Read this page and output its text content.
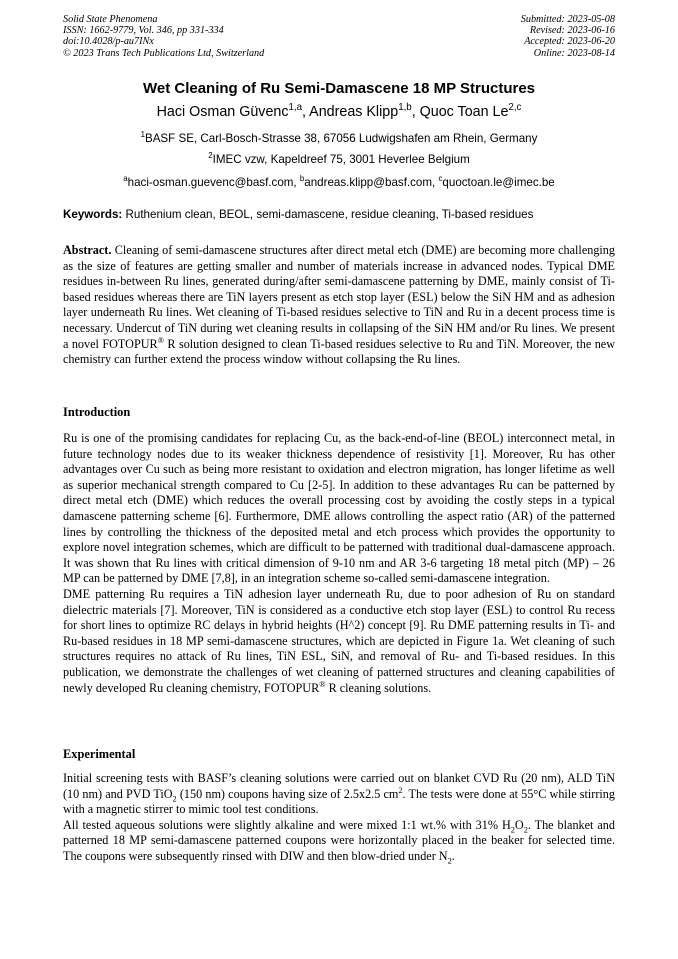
Solid State Phenomena
ISSN: 1662-9779, Vol. 346, pp 331-334
doi:10.4028/p-au7INx
© 2023 Trans Tech Publications Ltd, Switzerland
Submitted: 2023-05-08
Revised: 2023-06-16
Accepted: 2023-06-20
Online: 2023-08-14
Wet Cleaning of Ru Semi-Damascene 18 MP Structures
Haci Osman Güvenc$^{1,a}$, Andreas Klipp$^{1,b}$, Quoc Toan Le$^{2,c}$
$^1$BASF SE, Carl-Bosch-Strasse 38, 67056 Ludwigshafen am Rhein, Germany
$^2$IMEC vzw, Kapeldreef 75, 3001 Heverlee Belgium
$^a$haci-osman.guevenc@basf.com, $^b$andreas.klipp@basf.com, $^c$quoctoan.le@imec.be
Keywords: Ruthenium clean, BEOL, semi-damascene, residue cleaning, Ti-based residues

Abstract. Cleaning of semi-damascene structures after direct metal etch (DME) are becoming more challenging as the size of features are getting smaller and number of materials increase in advanced nodes. Typical DME residues in-between Ru lines, generated during/after semi-damascene patterning by DME, mainly consist of Ti-based residues whereas there are TiN layers present as etch stop layer (ESL) below the SiN HM and as adhesion layer underneath Ru lines. Wet cleaning of Ti-based residues selective to TiN and Ru in a decent process time is necessary. Undercut of TiN during wet cleaning results in collapsing of the SiN HM and/or Ru lines. We present a novel FOTOPUR® R solution designed to clean Ti-based residues selective to Ru and TiN. Moreover, the new chemistry can further extend the process window without collapsing the Ru lines.

Introduction

Ru is one of the promising candidates for replacing Cu, as the back-end-of-line (BEOL) interconnect metal, in future technology nodes due to its weaker thickness dependence of resistivity [1]. Moreover, Ru has other advantages over Cu such as being more resistant to oxidation and electron migration, has longer lifetime as well as superior mechanical strength compared to Cu [2-5]. In addition to these advantages Ru can be patterned by direct metal etch (DME) which reduces the overall processing cost by avoiding the costly steps in a typical damascene patterning scheme [6]. Furthermore, DME allows controlling the aspect ratio (AR) of the patterned lines by controlling the thickness of the deposited metal and etch process which provides the opportunity to explore novel integration schemes, which are difficult to be patterned with traditional dual-damascene approach. It was shown that Ru lines with critical dimension of 9-10 nm and AR 3-6 targeting 18 metal pitch (MP) – 26 MP can be patterned by DME [7,8], in an integration scheme so-called semi-damascene integration.

DME patterning Ru requires a TiN adhesion layer underneath Ru, due to poor adhesion of Ru on standard dielectric materials [7]. Moreover, TiN is considered as a conductive etch stop layer (ESL) to control Ru recess for short lines to optimize RC delays in hybrid heights (H^2) concept [9]. Ru DME patterning results in Ti- and Ru-based residues in 18 MP semi-damascene structures, which are depicted in Figure 1a. Wet cleaning of such structures requires no attack of Ru lines, TiN ESL, SiN, and removal of Ru- and Ti-based residues. In this publication, we demonstrate the challenges of wet cleaning of patterned structures and cleaning capabilities of newly developed Ru cleaning chemistry, FOTOPUR® R cleaning solutions.

Experimental

Initial screening tests with BASF’s cleaning solutions were carried out on blanket CVD Ru (20 nm), ALD TiN (10 nm) and PVD TiO$_2$ (150 nm) coupons having size of 2.5x2.5 $cm^2$. The tests were done at 55°C while stirring with a magnetic stirrer to mimic tool test conditions.

All tested aqueous solutions were slightly alkaline and were mixed 1:1 wt.% with 31% $H_2O_2$. The blanket and patterned 18 MP semi-damascene patterned coupons were horizontally placed in the beaker for selected time. The coupons were subsequently rinsed with DIW and then blow-dried under $N_2$.
